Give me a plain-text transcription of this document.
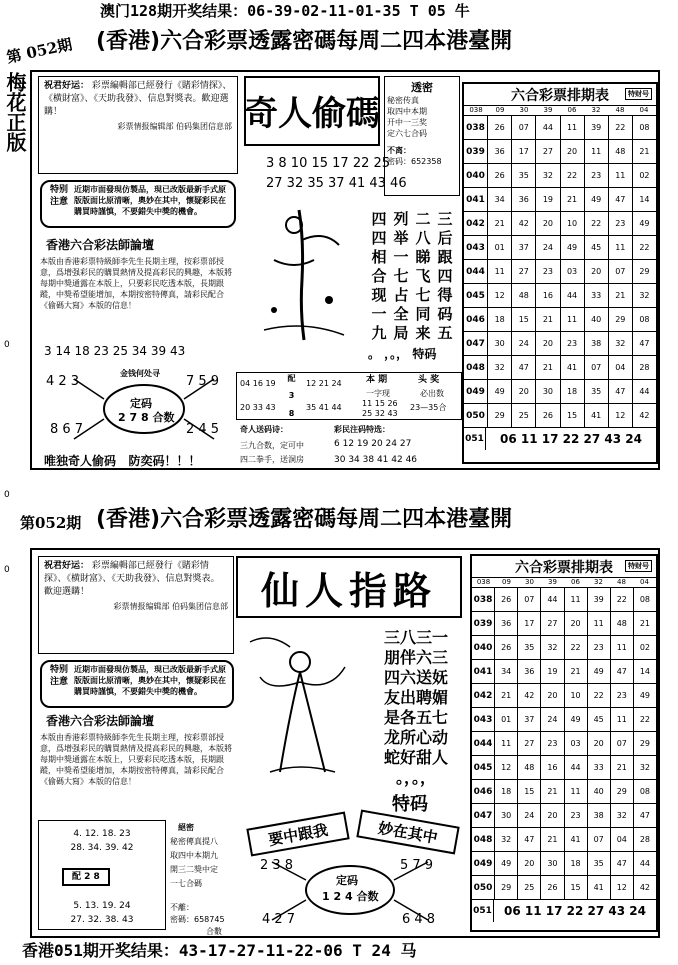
澳门128期开奖结果：06-39-02-11-01-35 T 05 牛
第 052期 (香港)六合彩票透露密碼每周二四本港臺開
梅花正版
0
0
0
祝君好运： 彩票編輯部已經發行《賭彩情探》、《横財富》、《天助我發》、信息對獎表。歡迎選購！
彩票情报编辑部 伯码集团信息部
特别 注意
近期市面發現仿製品，現已改版最新手式原版版面比原清晰，奧妙在其中，懷疑彩民在購買時謹慎，不要錯失中獎的機會。
香港六合彩法師論壇
本版由香港彩票特級師李先生長期主理，按彩票部授意，爲增强彩民的購買熱情及提高彩民的興趣，本版將每期中獎通露在本版上，只要彩民吃透本版，長期跟蹤，中獎希望能增加，本期按密特傳真，請彩民配合《偷碼大寫》本版的信息！
奇人偷碼
3 8 10 15 17 22 25
27 32 35 37 41 43 46
透密
秘密传真
取四中本期
开中一三奖
定六七合码
不离：
密码：652358
四 列 二 三
四 举 八 后
相 一 睇 跟
合 七 飞 四
现 占 七 得
一 全 同 码
九 局 来 五
。 ，。， 特码
3 14 18 23 25 34 39 43
金钱何处寻
定码
2 7 8 合数
4 2 3	7 5 9
8 6 7	2 4 5
唯独奇人偷码   防奕码！！！
04 16 19
20 33 43 配 3 8 12 21 24
35 41 44
本 期
一字现
11 15 26
25 32 43
头 奖
必出数
23—35合
奇人送码诗：
三九合数，定可中
四二拳手，送洞房
彩民注码特选：
6 12 19 20 24 27
30 34 38 41 42 46
六合彩票排期表	特财号
038	09	30	39	06	32	48	04
038	26	07	44	11	39	22	08
039	36	17	27	20	11	48	21
040	26	35	32	22	23	11	02
041	34	36	19	21	49	47	14
042	21	42	20	10	22	23	49
043	01	37	24	49	45	11	22
044	11	27	23	03	20	07	29
045	12	48	16	44	33	21	32
046	18	15	21	11	40	29	08
047	30	24	20	23	38	32	47
048	32	47	21	41	07	04	28
049	49	20	30	18	35	47	44
050	29	25	26	15	41	12	42
051	06 11 17 22 27 43 24
第052期 (香港)六合彩票透露密碼每周二四本港臺開
祝君好运： 彩票編輯部已經發行《賭彩情探》、《横財富》、《天助我發》、信息對獎表。歡迎選購！
彩票情报编辑部 伯码集团信息部
特别 注意
近期市面發現仿製品，現已改版最新手式原版版面比原清晰，奧妙在其中，懷疑彩民在購買時謹慎，不要錯失中獎的機會。
香港六合彩法師論壇
本版由香港彩票特級師李先生長期主理，按彩票部授意，爲增强彩民的購買熱情及提高彩民的興趣，本版將每期中獎通露在本版上，只要彩民吃透本版，長期跟蹤，中獎希望能增加，本期按密特傳真，請彩民配合《偷碼大寫》本版的信息！
仙人指路
三八三一
朋伴六三
四六送妩
友出聘媚
是各五七
龙所心动
蛇好甜人
。，。，
特码
要中跟我	妙在其中
4. 12. 18. 23
28. 34. 39. 42
配 2 8
5. 13. 19. 24
27. 32. 38. 43
絕密
秘密傳真提八
取四中本期九
開三二獎中定
一七合碼
不離：
密碼：658745
合數
定码
1 2 4 合数
2 3 8	5 7 9
4 2 7	6 4 8
六合彩票排期表	特财号
038	09	30	39	06	32	48	04
038	26	07	44	11	39	22	08
039	36	17	27	20	11	48	21
040	26	35	32	22	23	11	02
041	34	36	19	21	49	47	14
042	21	42	20	10	22	23	49
043	01	37	24	49	45	11	22
044	11	27	23	03	20	07	29
045	12	48	16	44	33	21	32
046	18	15	21	11	40	29	08
047	30	24	20	23	38	32	47
048	32	47	21	41	07	04	28
049	49	20	30	18	35	47	44
050	29	25	26	15	41	12	42
051	06 11 17 22 27 43 24
香港051期开奖结果：43-17-27-11-22-06 T 24 马
